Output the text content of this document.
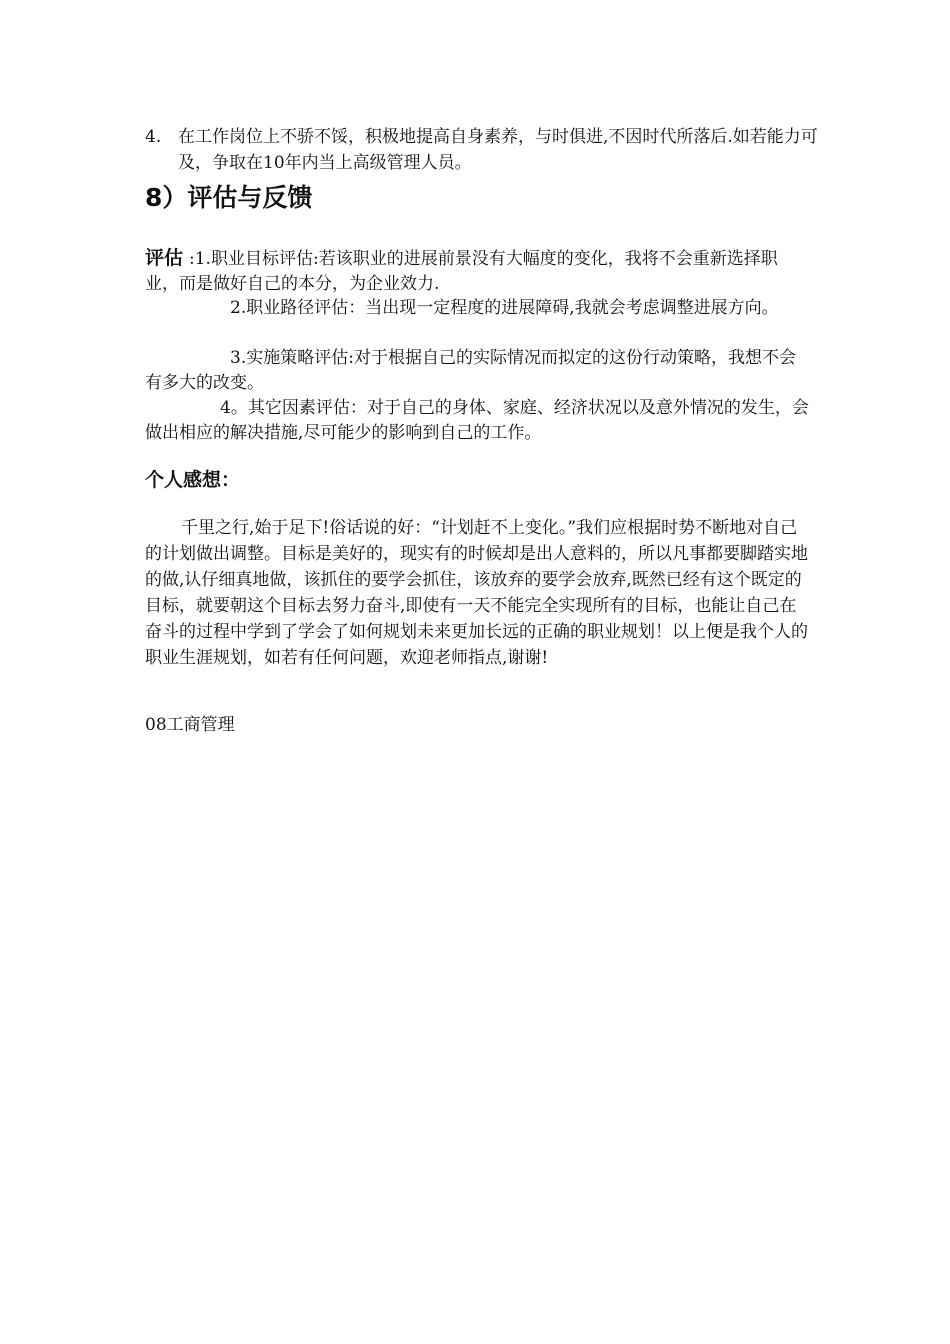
4. 在工作岗位上不骄不馁，积极地提高自身素养，与时俱进,不因时代所落后.如若能力可及，争取在10年内当上高级管理人员。
8）评估与反馈
评估 :1.职业目标评估:若该职业的进展前景没有大幅度的变化，我将不会重新选择职业，而是做好自己的本分，为企业效力.
2.职业路径评估：当出现一定程度的进展障碍,我就会考虑调整进展方向。
3.实施策略评估:对于根据自己的实际情况而拟定的这份行动策略，我想不会有多大的改变。
4。其它因素评估：对于自己的身体、家庭、经济状况以及意外情况的发生，会做出相应的解决措施,尽可能少的影响到自己的工作。
个人感想：
千里之行,始于足下!俗话说的好：“计划赶不上变化。”我们应根据时势不断地对自己的计划做出调整。目标是美好的，现实有的时候却是出人意料的，所以凡事都要脚踏实地的做,认仔细真地做，该抓住的要学会抓住，该放弃的要学会放弃,既然已经有这个既定的目标，就要朝这个目标去努力奋斗,即使有一天不能完全实现所有的目标，也能让自己在奋斗的过程中学到了学会了如何规划未来更加长远的正确的职业规划！以上便是我个人的职业生涯规划，如若有任何问题，欢迎老师指点,谢谢!
08工商管理
